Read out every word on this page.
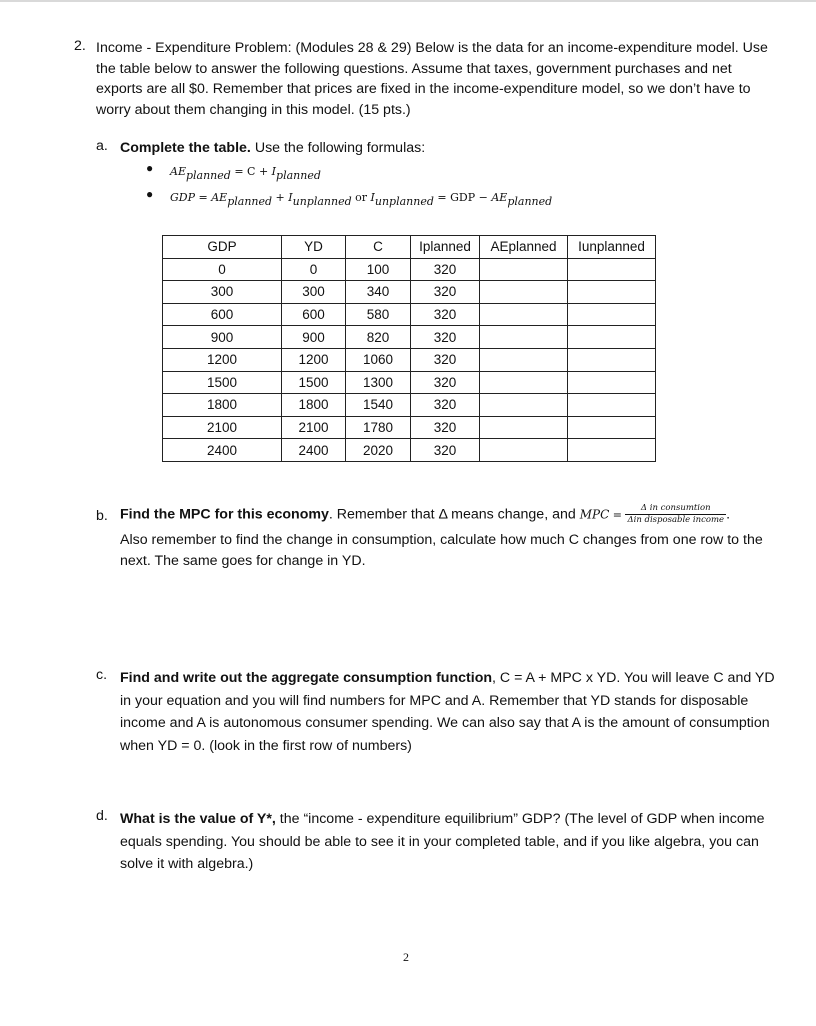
2. Income - Expenditure Problem: (Modules 28 & 29) Below is the data for an income-expenditure model. Use the table below to answer the following questions. Assume that taxes, government purchases and net exports are all $0. Remember that prices are fixed in the income-expenditure model, so we don’t have to worry about them changing in this model. (15 pts.)
a. Complete the table. Use the following formulas:
● $AE_{planned} = C + I_{planned}$
● GDP = $AE_{planned} + I_{unplanned}$ or $I_{unplanned}$ = GDP − $AE_{planned}$
GDP	YD	C	Iplanned	AEplanned	Iunplanned
0	0	100	320		
300	300	340	320		
600	600	580	320		
900	900	820	320		
1200	1200	1060	320		
1500	1500	1300	320		
1800	1800	1540	320		
2100	2100	1780	320		
2400	2400	2020	320		
b. Find the MPC for this economy. Remember that Δ means change, and MPC = $\frac{\text{Δ in consumtion}}{\text{Δin disposable income}}$ .
Also remember to find the change in consumption, calculate how much C changes from one row to the next. The same goes for change in YD.
c. Find and write out the aggregate consumption function, C = A + MPC x YD. You will leave C and YD in your equation and you will find numbers for MPC and A. Remember that YD stands for disposable income and A is autonomous consumer spending. We can also say that A is the amount of consumption when YD = 0. (look in the first row of numbers)
d. What is the value of Y*, the “income - expenditure equilibrium” GDP? (The level of GDP when income equals spending. You should be able to see it in your completed table, and if you like algebra, you can solve it with algebra.)
2
